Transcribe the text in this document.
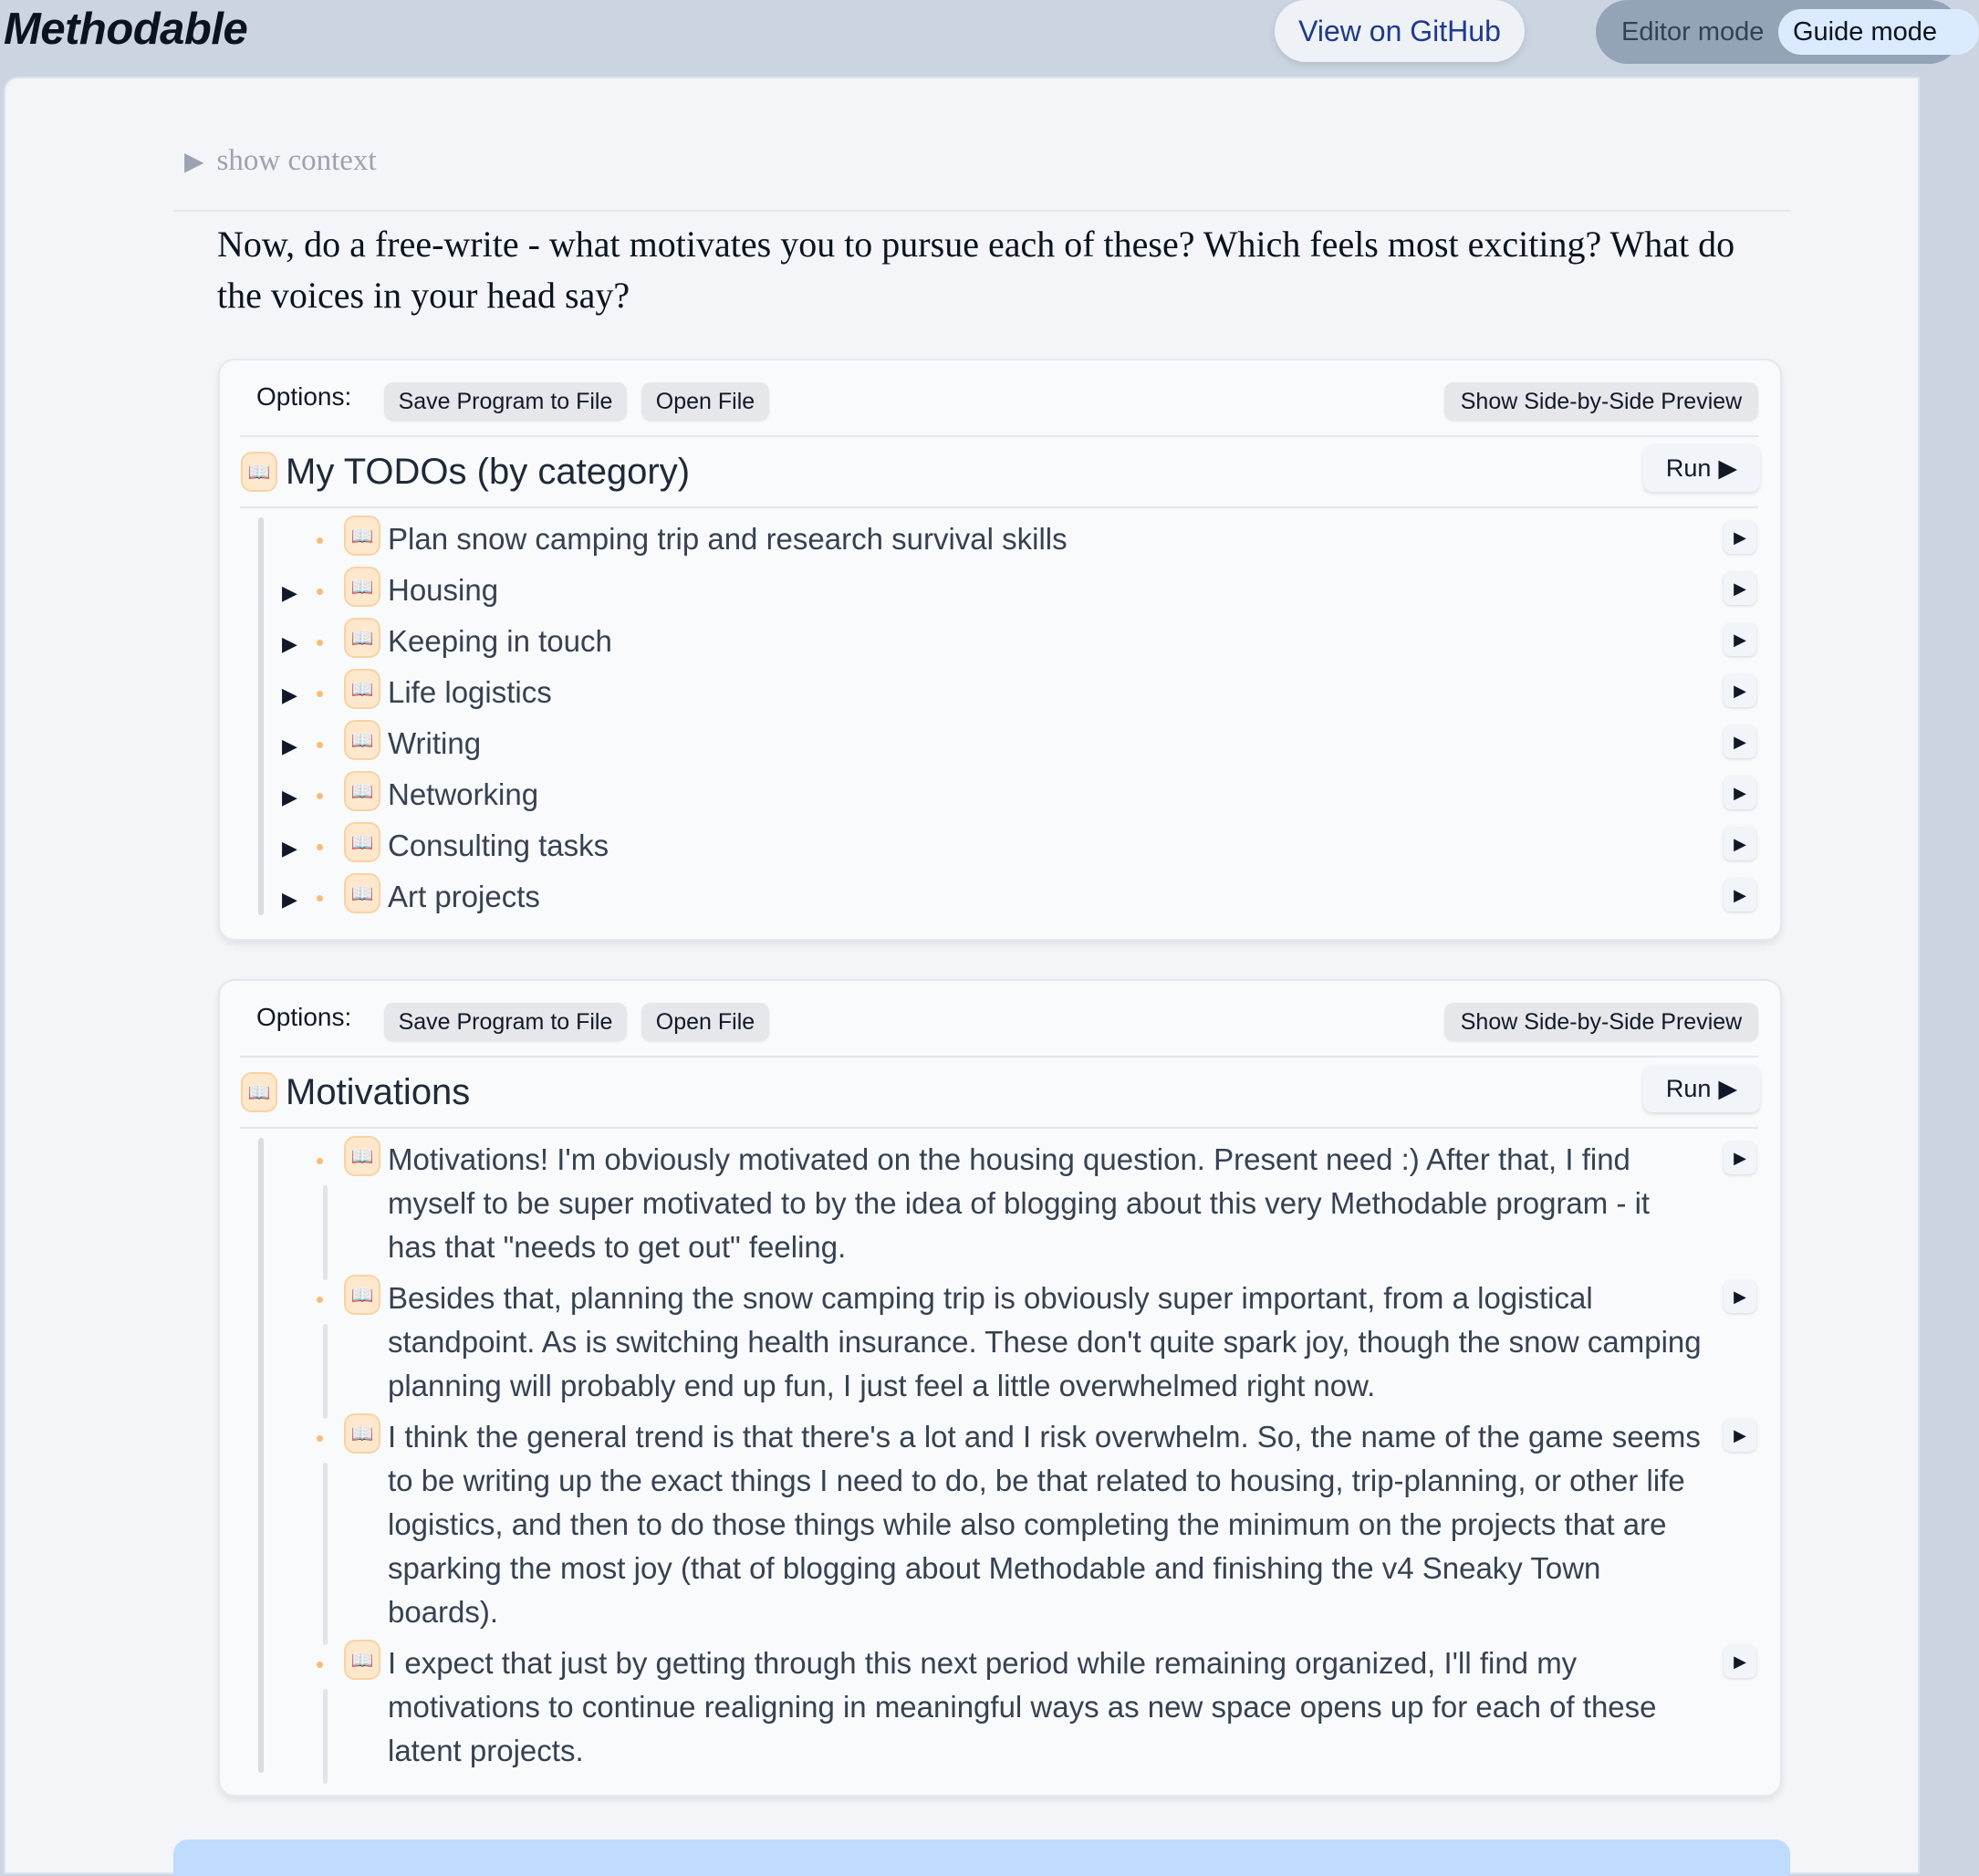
Methodable	View on GitHub	Editor mode	Guide mode
▶ show context
Now, do a free-write - what motivates you to pursue each of these? Which feels most exciting? What do the voices in your head say?
Options:	Save Program to File	Open File	Show Side-by-Side Preview
📖 My TODOs (by category)	Run ▶
📖 Plan snow camping trip and research survival skills	▶
▶	📖 Housing	▶
▶	📖 Keeping in touch	▶
▶	📖 Life logistics	▶
▶	📖 Writing	▶
▶	📖 Networking	▶
▶	📖 Consulting tasks	▶
▶	📖 Art projects	▶
Options:	Save Program to File	Open File	Show Side-by-Side Preview
📖 Motivations	Run ▶
📖 Motivations! I'm obviously motivated on the housing question. Present need :) After that, I find myself to be super motivated to by the idea of blogging about this very Methodable program - it has that "needs to get out" feeling.
▶
📖 Besides that, planning the snow camping trip is obviously super important, from a logistical standpoint. As is switching health insurance. These don't quite spark joy, though the snow camping planning will probably end up fun, I just feel a little overwhelmed right now.
▶
📖 I think the general trend is that there's a lot and I risk overwhelm. So, the name of the game seems to be writing up the exact things I need to do, be that related to housing, trip-planning, or other life logistics, and then to do those things while also completing the minimum on the projects that are sparking the most joy (that of blogging about Methodable and finishing the v4 Sneaky Town boards).
▶
📖 I expect that just by getting through this next period while remaining organized, I'll find my motivations to continue realigning in meaningful ways as new space opens up for each of these latent projects.
▶
